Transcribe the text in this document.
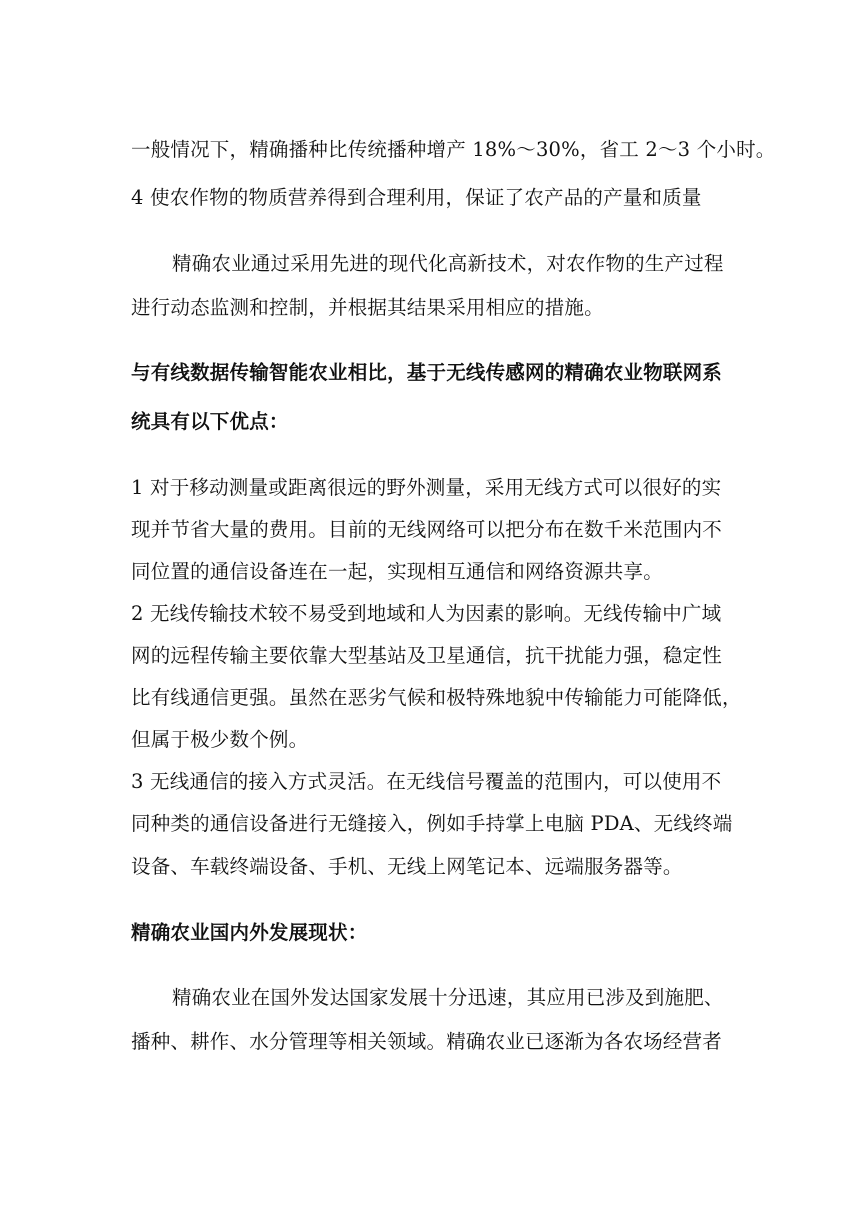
一般情况下，精确播种比传统播种增产 18%～30%，省工 2～3 个小时。
4 使农作物的物质营养得到合理利用，保证了农产品的产量和质量
精确农业通过采用先进的现代化高新技术，对农作物的生产过程
进行动态监测和控制，并根据其结果采用相应的措施。
与有线数据传输智能农业相比，基于无线传感网的精确农业物联网系
统具有以下优点：
1 对于移动测量或距离很远的野外测量，采用无线方式可以很好的实
现并节省大量的费用。目前的无线网络可以把分布在数千米范围内不
同位置的通信设备连在一起，实现相互通信和网络资源共享。
2 无线传输技术较不易受到地域和人为因素的影响。无线传输中广域
网的远程传输主要依靠大型基站及卫星通信，抗干扰能力强，稳定性
比有线通信更强。虽然在恶劣气候和极特殊地貌中传输能力可能降低，
但属于极少数个例。
3 无线通信的接入方式灵活。在无线信号覆盖的范围内，可以使用不
同种类的通信设备进行无缝接入，例如手持掌上电脑 PDA、无线终端
设备、车载终端设备、手机、无线上网笔记本、远端服务器等。
精确农业国内外发展现状：
精确农业在国外发达国家发展十分迅速，其应用已涉及到施肥、
播种、耕作、水分管理等相关领域。精确农业已逐渐为各农场经营者
